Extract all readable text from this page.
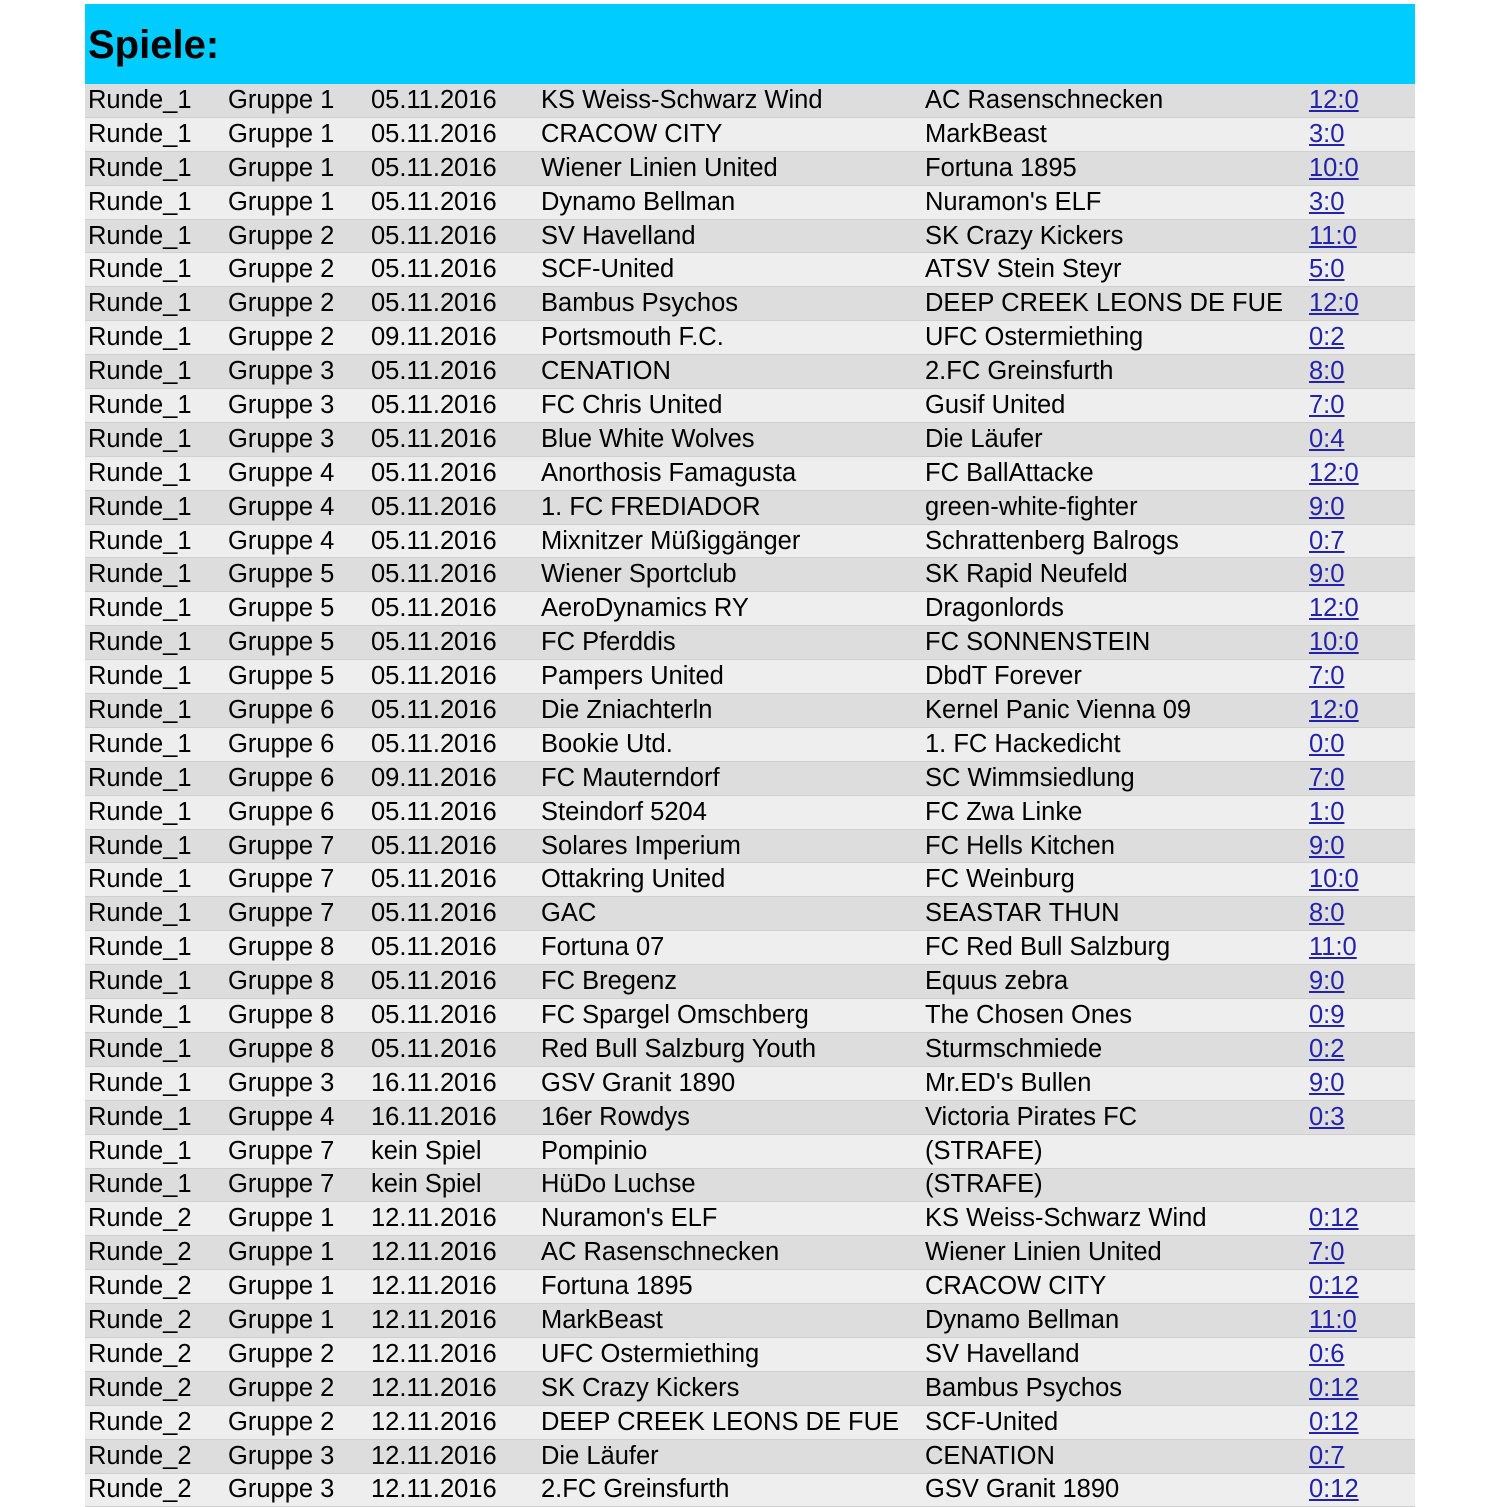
Spiele:
Runde_1	Gruppe 1	05.11.2016	KS Weiss-Schwarz Wind	AC Rasenschnecken	12:0
Runde_1	Gruppe 1	05.11.2016	CRACOW CITY	MarkBeast	3:0
Runde_1	Gruppe 1	05.11.2016	Wiener Linien United	Fortuna 1895	10:0
Runde_1	Gruppe 1	05.11.2016	Dynamo Bellman	Nuramon's ELF	3:0
Runde_1	Gruppe 2	05.11.2016	SV Havelland	SK Crazy Kickers	11:0
Runde_1	Gruppe 2	05.11.2016	SCF-United	ATSV Stein Steyr	5:0
Runde_1	Gruppe 2	05.11.2016	Bambus Psychos	DEEP CREEK LEONS DE FUE	12:0
Runde_1	Gruppe 2	09.11.2016	Portsmouth F.C.	UFC Ostermiething	0:2
Runde_1	Gruppe 3	05.11.2016	CENATION	2.FC Greinsfurth	8:0
Runde_1	Gruppe 3	05.11.2016	FC Chris United	Gusif United	7:0
Runde_1	Gruppe 3	05.11.2016	Blue White Wolves	Die Läufer	0:4
Runde_1	Gruppe 4	05.11.2016	Anorthosis Famagusta	FC BallAttacke	12:0
Runde_1	Gruppe 4	05.11.2016	1. FC FREDIADOR	green-white-fighter	9:0
Runde_1	Gruppe 4	05.11.2016	Mixnitzer Müßiggänger	Schrattenberg Balrogs	0:7
Runde_1	Gruppe 5	05.11.2016	Wiener Sportclub	SK Rapid Neufeld	9:0
Runde_1	Gruppe 5	05.11.2016	AeroDynamics RY	Dragonlords	12:0
Runde_1	Gruppe 5	05.11.2016	FC Pferddis	FC SONNENSTEIN	10:0
Runde_1	Gruppe 5	05.11.2016	Pampers United	DbdT Forever	7:0
Runde_1	Gruppe 6	05.11.2016	Die Zniachterln	Kernel Panic Vienna 09	12:0
Runde_1	Gruppe 6	05.11.2016	Bookie Utd.	1. FC Hackedicht	0:0
Runde_1	Gruppe 6	09.11.2016	FC Mauterndorf	SC Wimmsiedlung	7:0
Runde_1	Gruppe 6	05.11.2016	Steindorf 5204	FC Zwa Linke	1:0
Runde_1	Gruppe 7	05.11.2016	Solares Imperium	FC Hells Kitchen	9:0
Runde_1	Gruppe 7	05.11.2016	Ottakring United	FC Weinburg	10:0
Runde_1	Gruppe 7	05.11.2016	GAC	SEASTAR THUN	8:0
Runde_1	Gruppe 8	05.11.2016	Fortuna 07	FC Red Bull Salzburg	11:0
Runde_1	Gruppe 8	05.11.2016	FC Bregenz	Equus zebra	9:0
Runde_1	Gruppe 8	05.11.2016	FC Spargel Omschberg	The Chosen Ones	0:9
Runde_1	Gruppe 8	05.11.2016	Red Bull Salzburg Youth	Sturmschmiede	0:2
Runde_1	Gruppe 3	16.11.2016	GSV Granit 1890	Mr.ED's Bullen	9:0
Runde_1	Gruppe 4	16.11.2016	16er Rowdys	Victoria Pirates FC	0:3
Runde_1	Gruppe 7	kein Spiel	Pompinio	(STRAFE)
Runde_1	Gruppe 7	kein Spiel	HüDo Luchse	(STRAFE)
Runde_2	Gruppe 1	12.11.2016	Nuramon's ELF	KS Weiss-Schwarz Wind	0:12
Runde_2	Gruppe 1	12.11.2016	AC Rasenschnecken	Wiener Linien United	7:0
Runde_2	Gruppe 1	12.11.2016	Fortuna 1895	CRACOW CITY	0:12
Runde_2	Gruppe 1	12.11.2016	MarkBeast	Dynamo Bellman	11:0
Runde_2	Gruppe 2	12.11.2016	UFC Ostermiething	SV Havelland	0:6
Runde_2	Gruppe 2	12.11.2016	SK Crazy Kickers	Bambus Psychos	0:12
Runde_2	Gruppe 2	12.11.2016	DEEP CREEK LEONS DE FUE	SCF-United	0:12
Runde_2	Gruppe 3	12.11.2016	Die Läufer	CENATION	0:7
Runde_2	Gruppe 3	12.11.2016	2.FC Greinsfurth	GSV Granit 1890	0:12
